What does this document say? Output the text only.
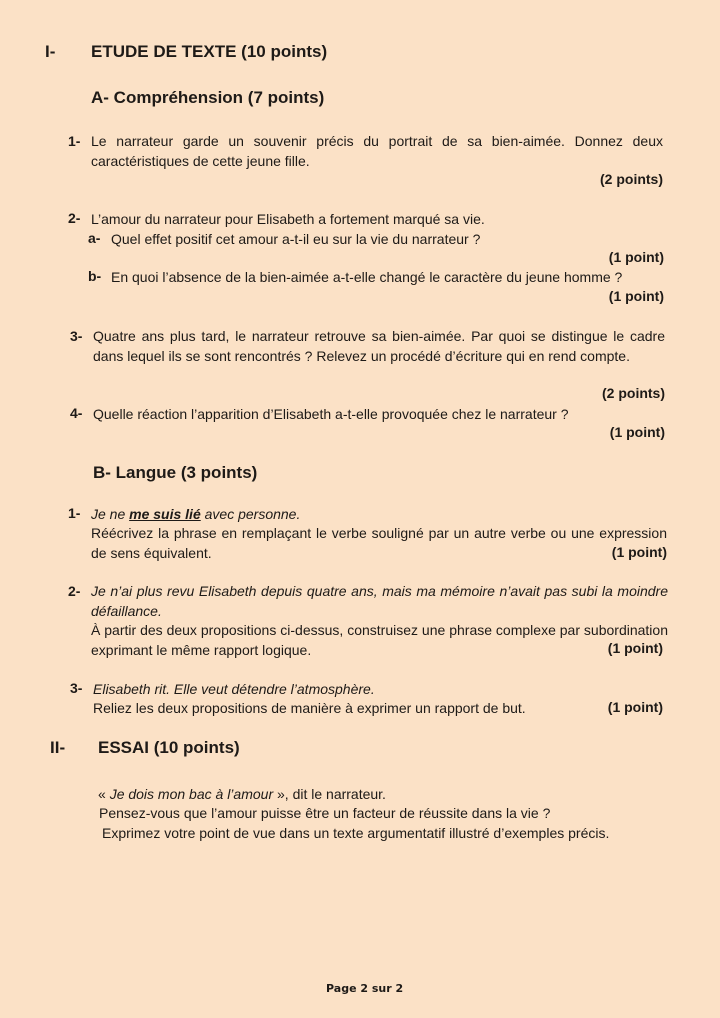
I- ETUDE DE TEXTE (10 points)
A- Compréhension (7 points)
1- Le narrateur garde un souvenir précis du portrait de sa bien-aimée. Donnez deux caractéristiques de cette jeune fille.
(2 points)
2- L’amour du narrateur pour Elisabeth a fortement marqué sa vie.
a- Quel effet positif cet amour a-t-il eu sur la vie du narrateur ?
(1 point)
b- En quoi l’absence de la bien-aimée a-t-elle changé le caractère du jeune homme ?
(1 point)
3- Quatre ans plus tard, le narrateur retrouve sa bien-aimée. Par quoi se distingue le cadre dans lequel ils se sont rencontrés ? Relevez un procédé d’écriture qui en rend compte.
(2 points)
4- Quelle réaction l’apparition d’Elisabeth a-t-elle provoquée chez le narrateur ?
(1 point)
B- Langue (3 points)
1- Je ne me suis lié avec personne.
Réécrivez la phrase en remplaçant le verbe souligné par un autre verbe ou une expression de sens équivalent.	(1 point)
2- Je n’ai plus revu Elisabeth depuis quatre ans, mais ma mémoire n’avait pas subi la moindre défaillance.
À partir des deux propositions ci-dessus, construisez une phrase complexe par subordination exprimant le même rapport logique.	(1 point)
3- Elisabeth rit. Elle veut détendre l’atmosphère.
Reliez les deux propositions de manière à exprimer un rapport de but.	(1 point)
II- ESSAI (10 points)
« Je dois mon bac à l’amour », dit le narrateur.
Pensez-vous que l’amour puisse être un facteur de réussite dans la vie ?
Exprimez votre point de vue dans un texte argumentatif illustré d’exemples précis.
Page 2 sur 2
